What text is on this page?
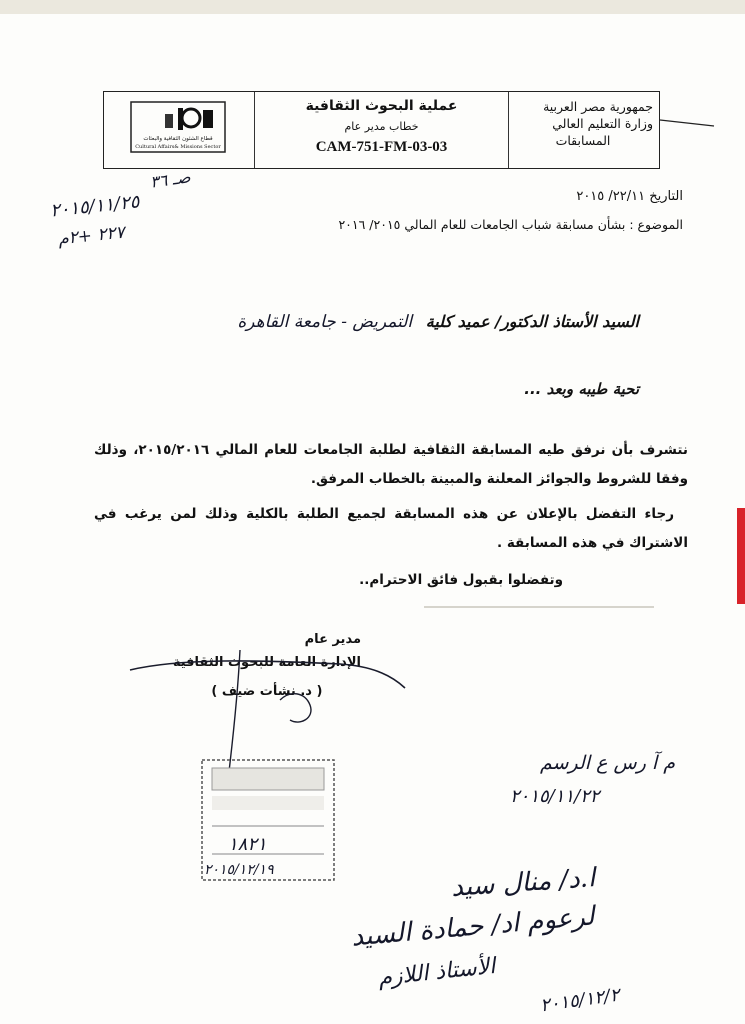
قطاع الشئون الثقافية والبعثات
Cultural Affairs& Missions Sector
عملية البحوث الثقافية
خطاب مدير عام
CAM-751-FM-03-03
جمهورية مصر العربية
وزارة التعليم العالي
المسابقات
التاريخ ٢٢/١١/ ٢٠١٥
الموضوع : بشأن مسابقة شباب الجامعات للعام المالي ٢٠١٥/ ٢٠١٦
صـ ٣٦
٢٠١٥/١١/٢٥
٢٢٧ +٢م
السيد الأستاذ الدكتور/ عميد كلية التمريض - جامعة القاهرة
تحية طيبه وبعد ...
نتشرف بأن نرفق طيه المسابقة الثقافية لطلبة الجامعات للعام المالي ٢٠١٥/٢٠١٦، وذلك وفقا للشروط والجوائز المعلنة والمبينة بالخطاب المرفق.
رجاء التفضل بالإعلان عن هذه المسابقة لجميع الطلبة بالكلية وذلك لمن يرغب في الاشتراك في هذه المسابقة .
وتفضلوا بقبول فائق الاحترام..
مدير عام
الإدارة العامة للبحوث الثقافية
( د. نشأت ضيف )
١٨٢١
٢٠١٥/١٢/١٩
م آ رس ع الرسم
٢٠١٥/١١/٢٢
ا.د/ منال سيد
لرعوم اد/ حمادة السيد
الأستاذ اللازم
٢٠١٥/١٢/٢
